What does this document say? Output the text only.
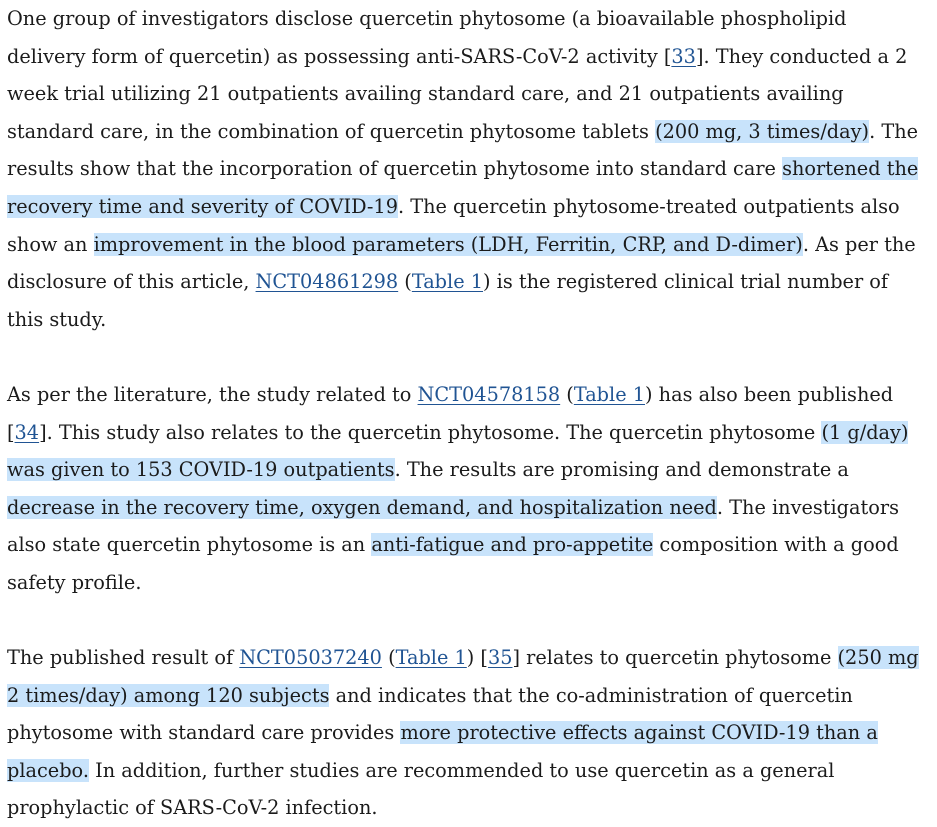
One group of investigators disclose quercetin phytosome (a bioavailable phospholipid delivery form of quercetin) as possessing anti-SARS-CoV-2 activity [33]. They conducted a 2 week trial utilizing 21 outpatients availing standard care, and 21 outpatients availing standard care, in the combination of quercetin phytosome tablets (200 mg, 3 times/day). The results show that the incorporation of quercetin phytosome into standard care shortened the recovery time and severity of COVID-19. The quercetin phytosome-treated outpatients also show an improvement in the blood parameters (LDH, Ferritin, CRP, and D-dimer). As per the disclosure of this article, NCT04861298 (Table 1) is the registered clinical trial number of this study.

As per the literature, the study related to NCT04578158 (Table 1) has also been published [34]. This study also relates to the quercetin phytosome. The quercetin phytosome (1 g/day) was given to 153 COVID-19 outpatients. The results are promising and demonstrate a decrease in the recovery time, oxygen demand, and hospitalization need. The investigators also state quercetin phytosome is an anti-fatigue and pro-appetite composition with a good safety profile.

The published result of NCT05037240 (Table 1) [35] relates to quercetin phytosome (250 mg 2 times/day) among 120 subjects and indicates that the co-administration of quercetin phytosome with standard care provides more protective effects against COVID-19 than a placebo. In addition, further studies are recommended to use quercetin as a general prophylactic of SARS-CoV-2 infection.
